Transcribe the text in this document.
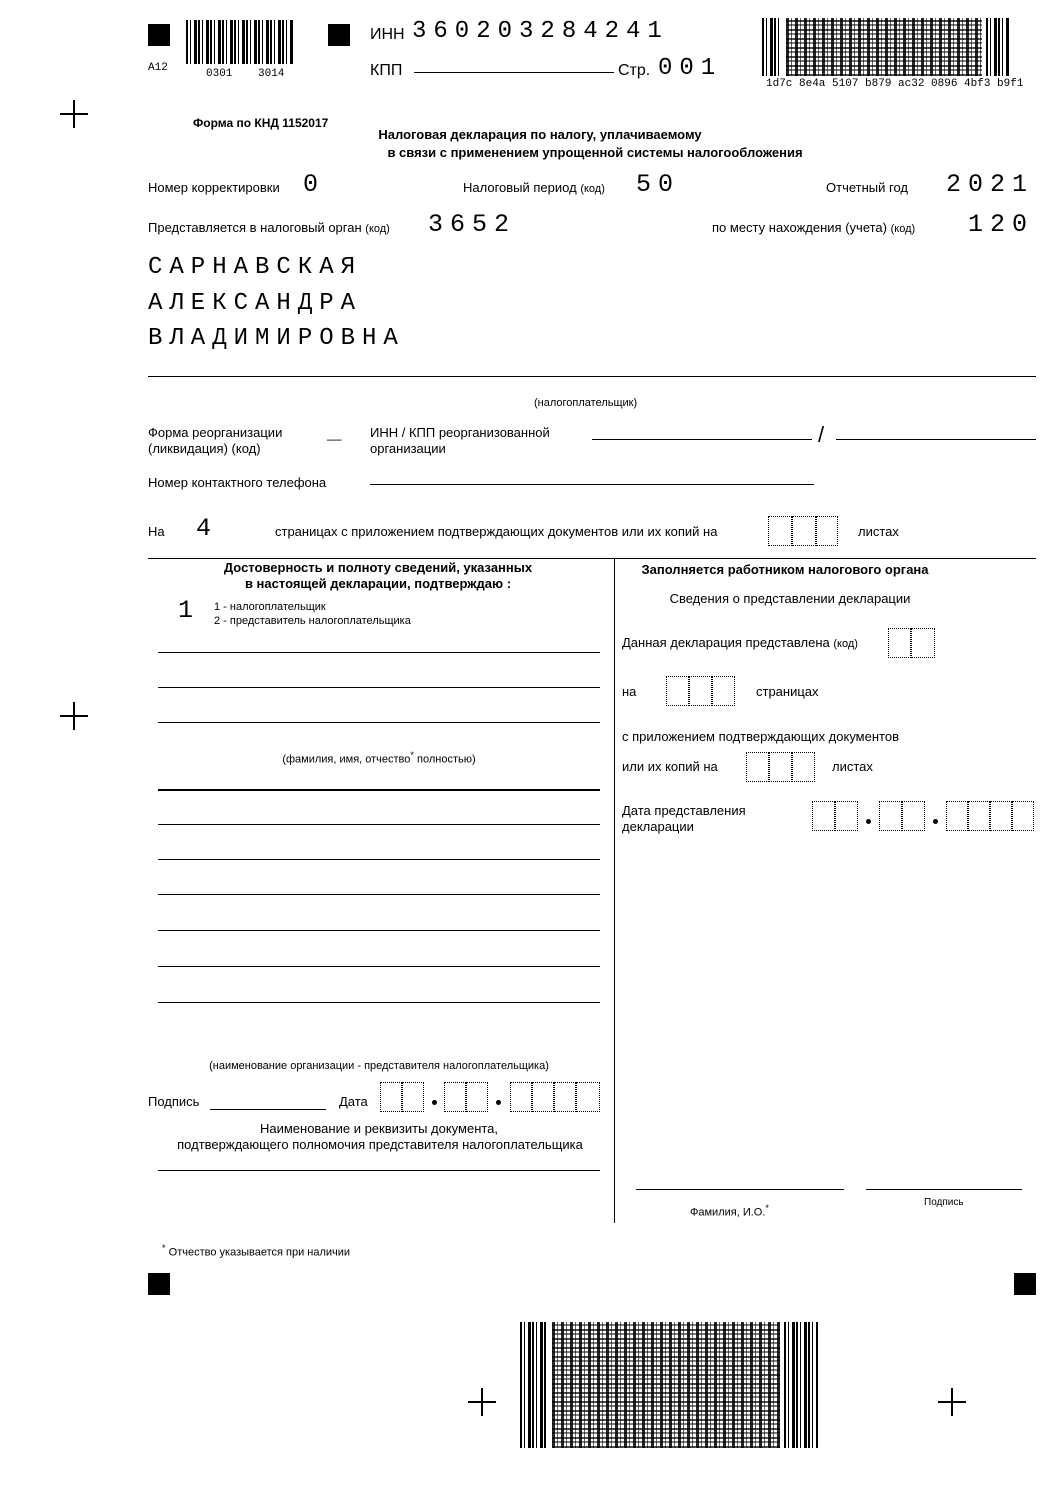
A12	0301 3014
ИНН 360203284241
КПП	Стр. 001
1d7c 8e4a 5107 b879 ac32 0896 4bf3 b9f1
Форма по КНД 1152017
Налоговая декларация по налогу, уплачиваемому
в связи с применением упрощенной системы налогообложения
Номер корректировки 0	Налоговый период (код) 50	Отчетный год 2021
Представляется в налоговый орган (код) 3652	по месту нахождения (учета) (код) 120
САРНАВСКАЯ
АЛЕКСАНДРА
ВЛАДИМИРОВНА
(налогоплательщик)
Форма реорганизации
(ликвидация) (код)
__ ИНН / КПП реорганизованной
организации
/
Номер контактного телефона
На 4	страницах с приложением подтверждающих документов или их копий на	листах
Достоверность и полноту сведений, указанных
в настоящей декларации, подтверждаю :
1 1 - налогоплательщик
2 - представитель налогоплательщика
(фамилия, имя, отчество* полностью)
(наименование организации - представителя налогоплательщика)
Подпись	Дата
Наименование и реквизиты документа,
подтверждающего полномочия представителя налогоплательщика
Заполняется работником налогового органа
Сведения о представлении декларации
Данная декларация представлена (код)
на	страницах
с приложением подтверждающих документов
или их копий на	листах
Дата представления
декларации
Фамилия, И.О.*	Подпись
* Отчество указывается при наличии
